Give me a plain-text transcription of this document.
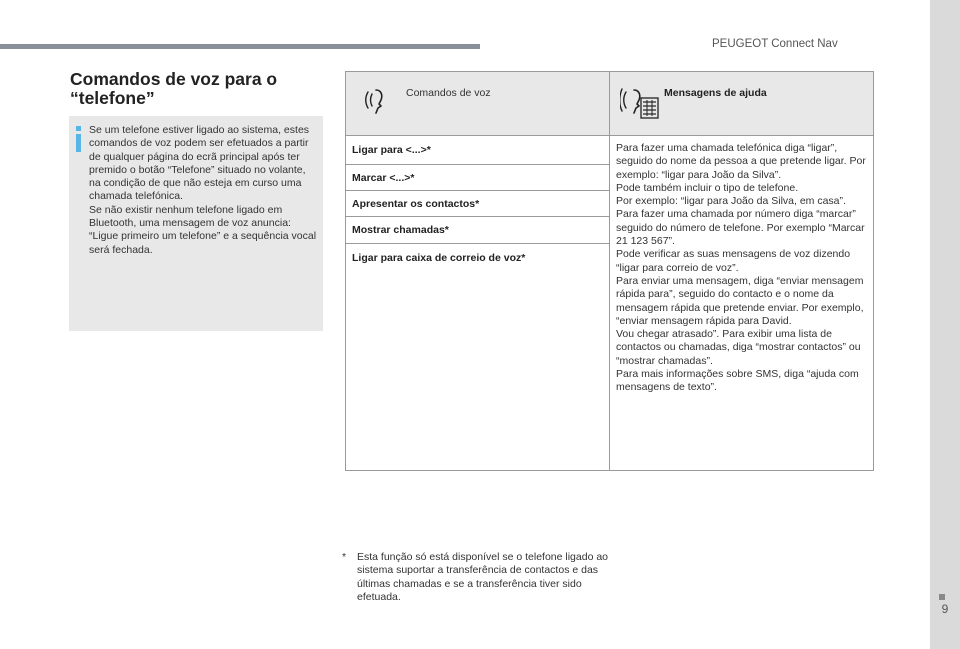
PEUGEOT Connect Nav
9
Comandos de voz para o “telefone”
Se um telefone estiver ligado ao sistema, estes comandos de voz podem ser efetuados a partir de qualquer página do ecrã principal após ter premido o botão “Telefone” situado no volante, na condição de que não esteja em curso uma chamada telefónica.
Se não existir nenhum telefone ligado em Bluetooth, uma mensagem de voz anuncia: “Ligue primeiro um telefone” e a sequência vocal será fechada.
Comandos de voz	Mensagens de ajuda
Ligar para <...>*
Marcar <...>*
Apresentar os contactos*
Mostrar chamadas*
Ligar para caixa de correio de voz*
Para fazer uma chamada telefónica diga “ligar”, seguido do nome da pessoa a que pretende ligar. Por exemplo: “ligar para João da Silva”.
Pode também incluir o tipo de telefone.
Por exemplo: “ligar para João da Silva, em casa”. Para fazer uma chamada por número diga “marcar” seguido do número de telefone. Por exemplo “Marcar 21 123 567”.
Pode verificar as suas mensagens de voz dizendo “ligar para correio de voz”.
Para enviar uma mensagem, diga “enviar mensagem rápida para”, seguido do contacto e o nome da mensagem rápida que pretende enviar. Por exemplo, “enviar mensagem rápida para David.
Vou chegar atrasado”. Para exibir uma lista de contactos ou chamadas, diga “mostrar contactos” ou “mostrar chamadas”.
Para mais informações sobre SMS, diga “ajuda com mensagens de texto”.
* Esta função só está disponível se o telefone ligado ao sistema suportar a transferência de contactos e das últimas chamadas e se a transferência tiver sido efetuada.
